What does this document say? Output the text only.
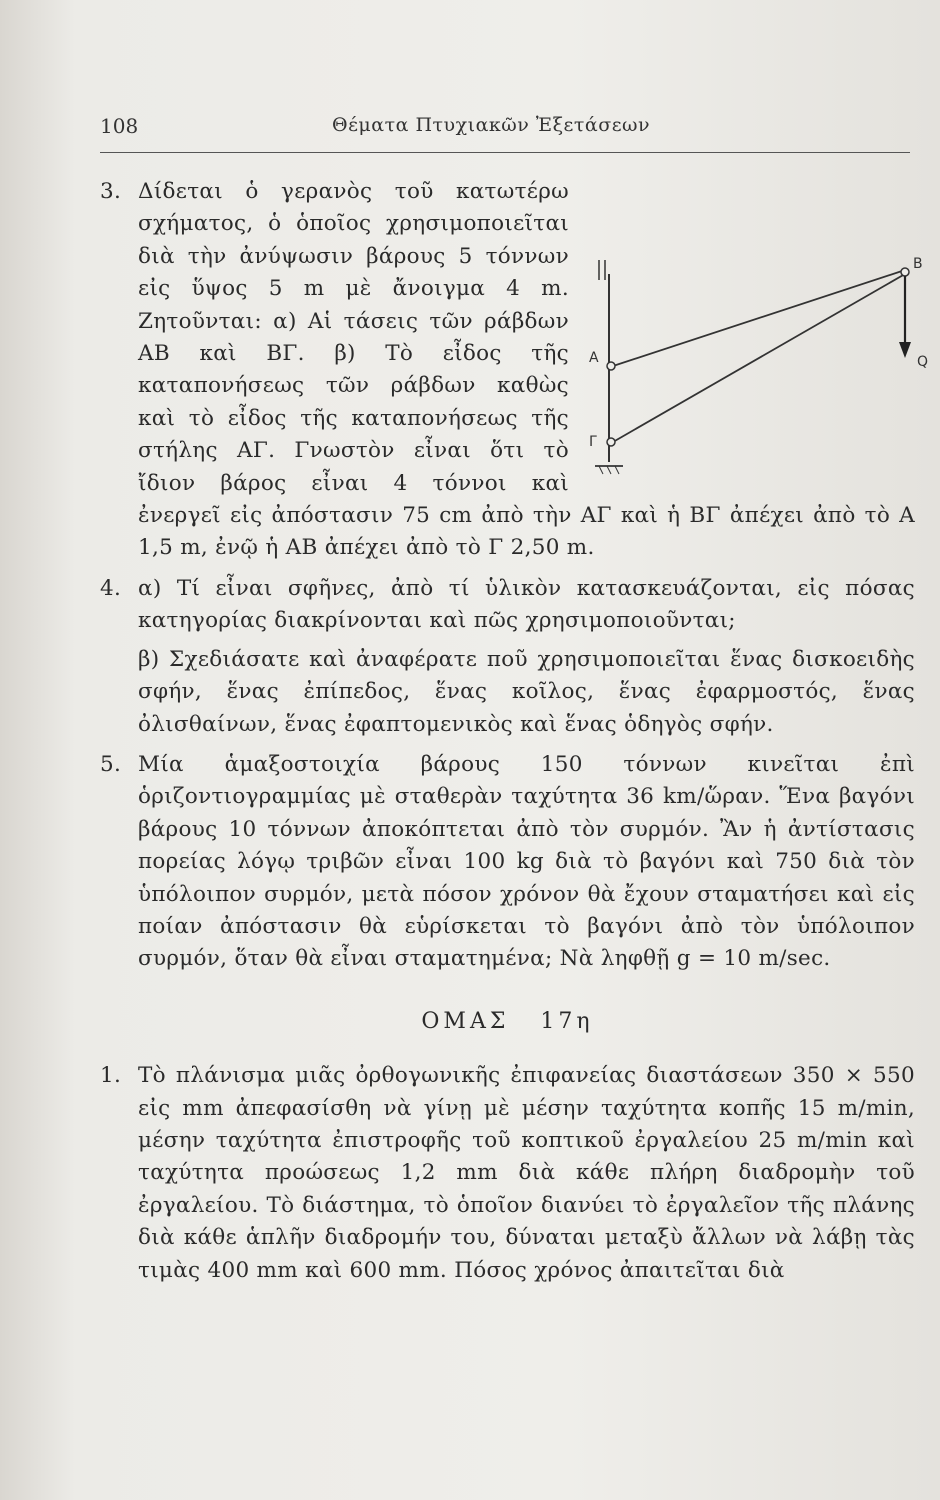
108	Θέματα Πτυχιακῶν Ἐξετάσεων
3.
A
B
Γ
Q
Δίδεται ὁ γερανὸς τοῦ κατωτέρω σχήματος, ὁ ὁποῖος χρησιμοποιεῖται διὰ τὴν ἀνύψωσιν βάρους 5 τόννων εἰς ὕψος 5 m μὲ ἄνοιγμα 4 m. Ζητοῦνται: α) Αἱ τάσεις τῶν ράβδων AB καὶ BΓ. β) Τὸ εἶδος τῆς καταπονήσεως τῶν ράβδων καθὼς καὶ τὸ εἶδος τῆς καταπονήσεως τῆς στήλης AΓ. Γνωστὸν εἶναι ὅτι τὸ ἴδιον βάρος εἶναι 4 τόννοι καὶ ἐνεργεῖ εἰς ἀπόστασιν 75 cm ἀπὸ τὴν AΓ καὶ ἡ BΓ ἀπέχει ἀπὸ τὸ A 1,5 m, ἐνῷ ἡ AB ἀπέχει ἀπὸ τὸ Γ 2,50 m.
4. α) Τί εἶναι σφῆνες, ἀπὸ τί ὑλικὸν κατασκευάζονται, εἰς πόσας κατηγορίας διακρίνονται καὶ πῶς χρησιμοποιοῦνται;
β) Σχεδιάσατε καὶ ἀναφέρατε ποῦ χρησιμοποιεῖται ἕνας δισκοειδὴς σφήν, ἕνας ἐπίπεδος, ἕνας κοῖλος, ἕνας ἐφαρμοστός, ἕνας ὀλισθαίνων, ἕνας ἐφαπτομενικὸς καὶ ἕνας ὁδηγὸς σφήν.
5. Μία ἁμαξοστοιχία βάρους 150 τόννων κινεῖται ἐπὶ ὁριζοντιογραμμίας μὲ σταθερὰν ταχύτητα 36 km/ὥραν. Ἕνα βαγόνι βάρους 10 τόννων ἀποκόπτεται ἀπὸ τὸν συρμόν. Ἂν ἡ ἀντίστασις πορείας λόγῳ τριβῶν εἶναι 100 kg διὰ τὸ βαγόνι καὶ 750 διὰ τὸν ὑπόλοιπον συρμόν, μετὰ πόσον χρόνον θὰ ἔχουν σταματήσει καὶ εἰς ποίαν ἀπόστασιν θὰ εὑρίσκεται τὸ βαγόνι ἀπὸ τὸν ὑπόλοιπον συρμόν, ὅταν θὰ εἶναι σταματημένα; Νὰ ληφθῇ g = 10 m/sec.
ΟΜΑΣ 17η
1. Τὸ πλάνισμα μιᾶς ὀρθογωνικῆς ἐπιφανείας διαστάσεων 350 × 550 εἰς mm ἀπεφασίσθη νὰ γίνῃ μὲ μέσην ταχύτητα κοπῆς 15 m/min, μέσην ταχύτητα ἐπιστροφῆς τοῦ κοπτικοῦ ἐργαλείου 25 m/min καὶ ταχύτητα προώσεως 1,2 mm διὰ κάθε πλήρη διαδρομὴν τοῦ ἐργαλείου. Τὸ διάστημα, τὸ ὁποῖον διανύει τὸ ἐργαλεῖον τῆς πλάνης διὰ κάθε ἁπλῆν διαδρομήν του, δύναται μεταξὺ ἄλλων νὰ λάβῃ τὰς τιμὰς 400 mm καὶ 600 mm. Πόσος χρόνος ἀπαιτεῖται διὰ
